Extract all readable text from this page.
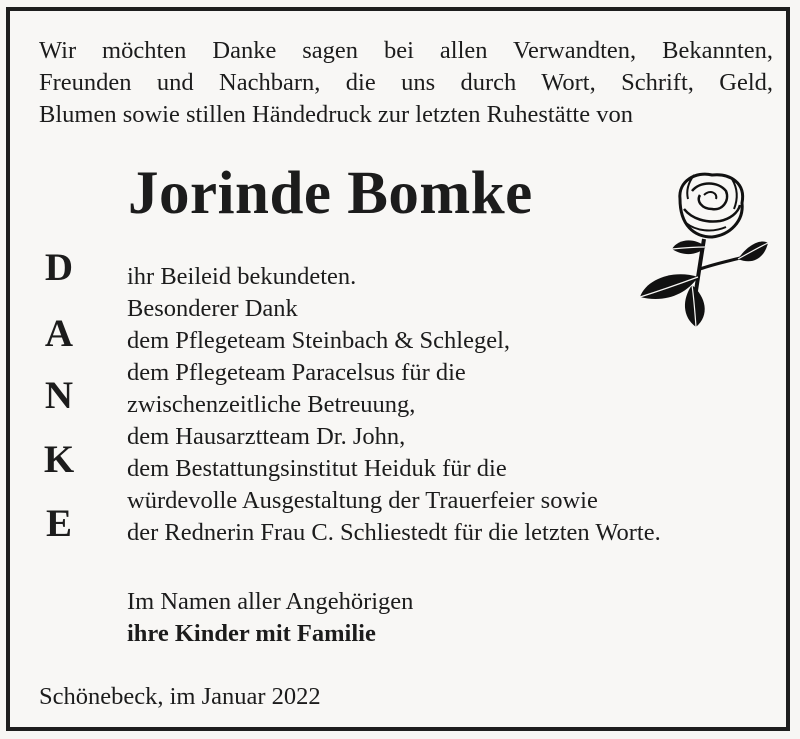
Wir möchten Danke sagen bei allen Verwandten, Bekannten,
Freunden und Nachbarn, die uns durch Wort, Schrift, Geld,
Blumen sowie stillen Händedruck zur letzten Ruhestätte von
Jorinde Bomke
D
A
N
K
E
ihr Beileid bekundeten.
Besonderer Dank
dem Pflegeteam Steinbach & Schlegel,
dem Pflegeteam Paracelsus für die
zwischenzeitliche Betreuung,
dem Hausarztteam Dr. John,
dem Bestattungsinstitut Heiduk für die
würdevolle Ausgestaltung der Trauerfeier sowie
der Rednerin Frau C. Schliestedt für die letzten Worte.
Im Namen aller Angehörigen
ihre Kinder mit Familie
Schönebeck, im Januar 2022
